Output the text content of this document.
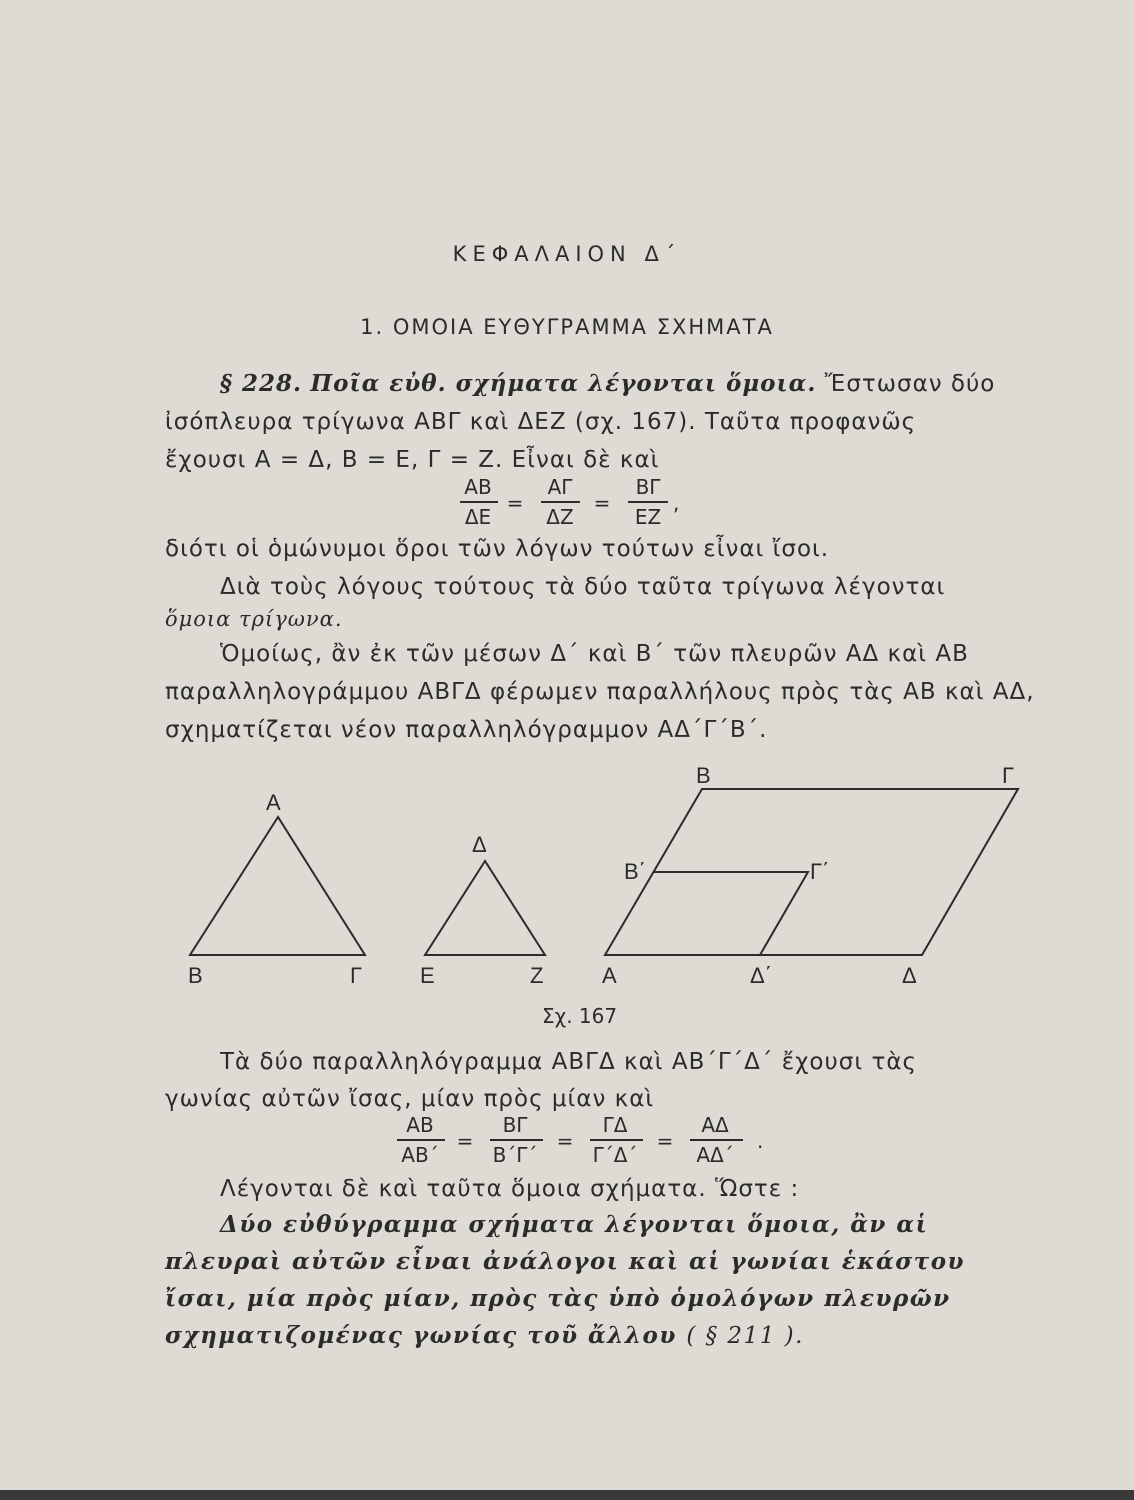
ΚΕΦΑΛΑΙΟΝ Δ΄
1. ΟΜΟΙΑ ΕΥΘΥΓΡΑΜΜΑ ΣΧΗΜΑΤΑ
§ 228. Ποῖα εὐθ. σχήματα λέγονται ὅμοια. Ἔστωσαν δύο
ἰσόπλευρα τρίγωνα ΑΒΓ καὶ ΔΕΖ (σχ. 167). Ταῦτα προφανῶς
ἔχουσι Α = Δ, Β = Ε, Γ = Ζ. Εἶναι δὲ καὶ
ΑΒ
ΔΕ
=
ΑΓ
ΔΖ
=
ΒΓ
ΕΖ
,
διότι οἱ ὁμώνυμοι ὅροι τῶν λόγων τούτων εἶναι ἴσοι.
Διὰ τοὺς λόγους τούτους τὰ δύο ταῦτα τρίγωνα λέγονται
ὅμοια τρίγωνα.
Ὁμοίως, ἂν ἐκ τῶν μέσων Δ΄ καὶ Β΄ τῶν πλευρῶν ΑΔ καὶ ΑΒ παραλληλογράμμου ΑΒΓΔ φέρωμεν παραλλήλους πρὸς τὰς ΑΒ καὶ ΑΔ, σχηματίζεται νέον παραλληλόγραμμον ΑΔ΄Γ΄Β΄.
Α
Β	Γ
Δ
Ε	Ζ	Α
Β	Γ
Δ
Β΄	Γ΄
Δ΄
Σχ. 167
Τὰ δύο παραλληλόγραμμα ΑΒΓΔ καὶ ΑΒ΄Γ΄Δ΄ ἔχουσι τὰς
γωνίας αὐτῶν ἴσας, μίαν πρὸς μίαν καὶ
ΑΒ
ΑΒ΄
=
ΒΓ
Β΄Γ΄
=
ΓΔ
Γ΄Δ΄
=
ΑΔ
ΑΔ΄
.
Λέγονται δὲ καὶ ταῦτα ὅμοια σχήματα. Ὥστε :
Δύο εὐθύγραμμα σχήματα λέγονται ὅμοια, ἂν αἱ πλευραὶ αὐτῶν εἶναι ἀνάλογοι καὶ αἱ γωνίαι ἑκάστου ἴσαι, μία πρὸς μίαν, πρὸς τὰς ὑπὸ ὁμολόγων πλευρῶν σχηματιζομένας γωνίας τοῦ ἄλλου ( § 211 ).
